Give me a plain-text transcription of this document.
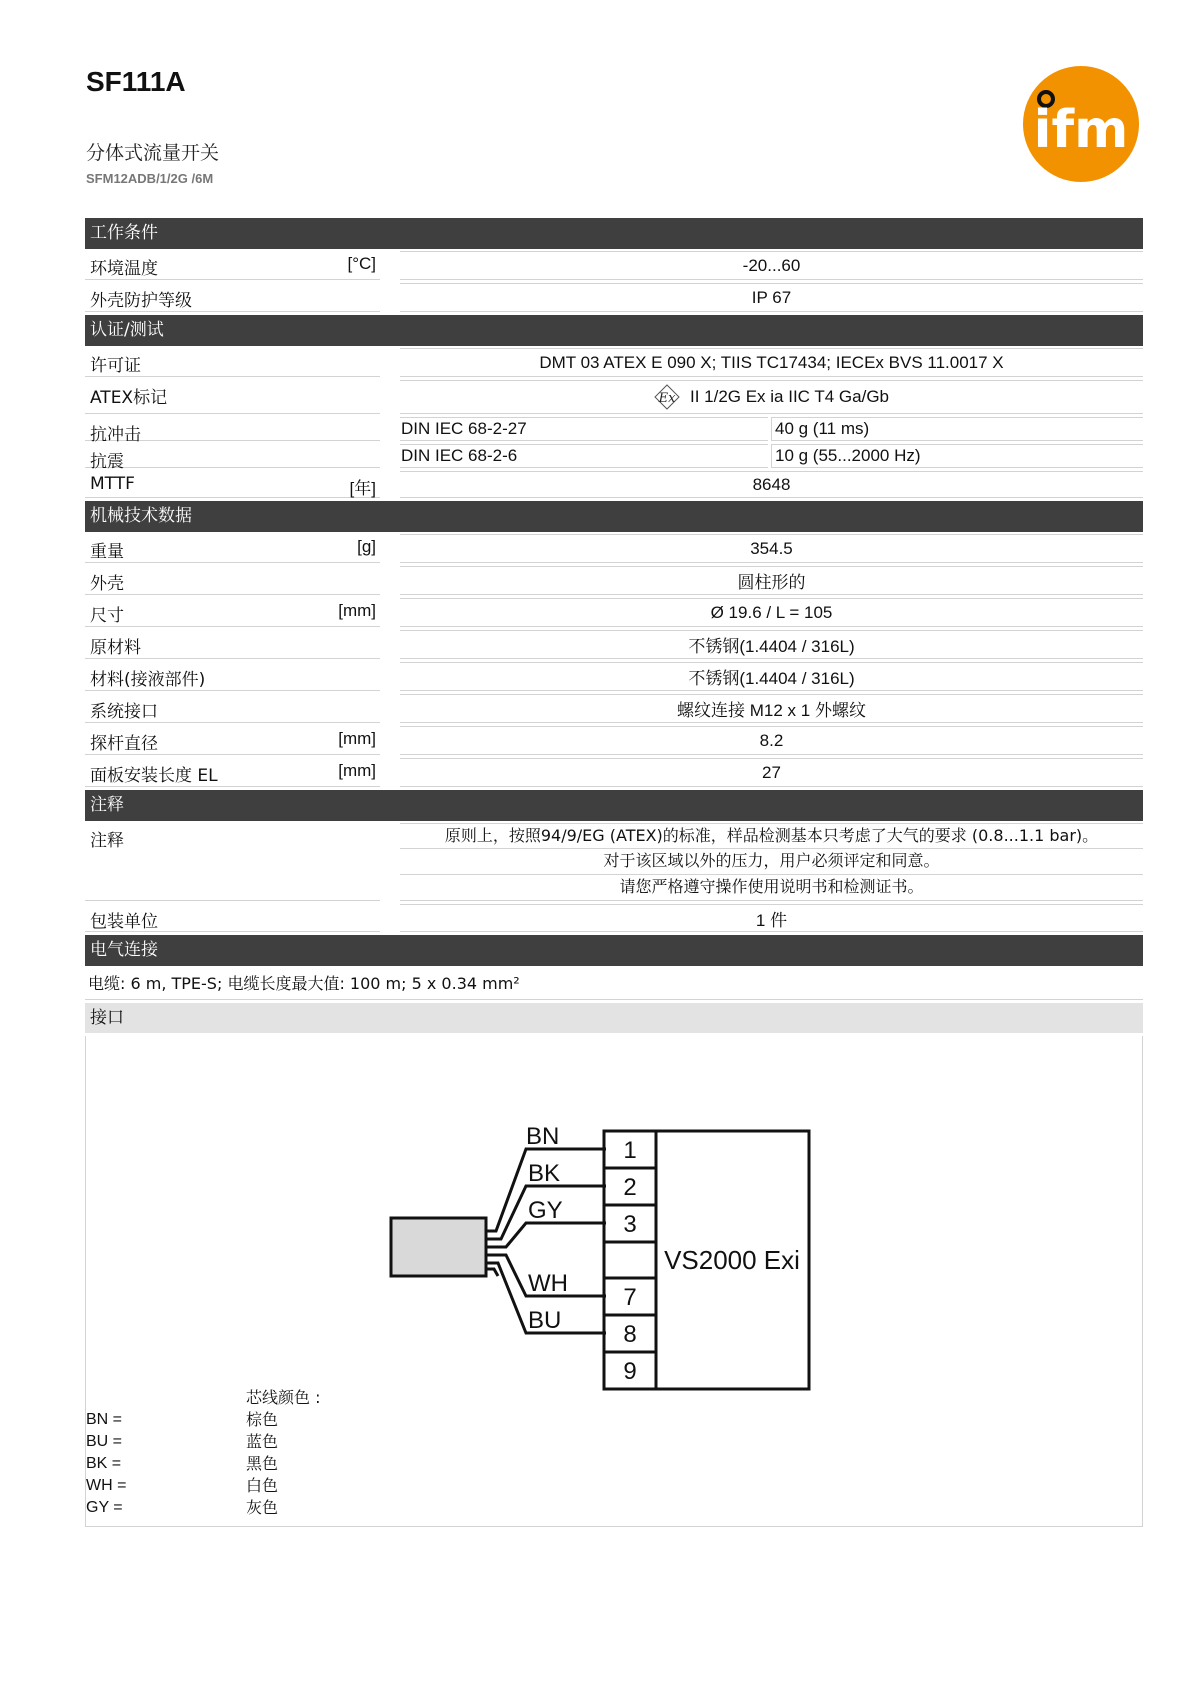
SF111A
分体式流量开关
SFM12ADB/1/2G /6M
ifm
工作条件
环境温度	[°C]	-20...60
外壳防护等级	IP 67
认证/测试
许可证	DMT 03 ATEX E 090 X; TIIS TC17434; IECEx BVS 11.0017 X
ATEX标记	Ex II 1/2G Ex ia IIC T4 Ga/Gb
抗冲击	DIN IEC 68-2-27	40 g (11 ms)
抗震	DIN IEC 68-2-6	10 g (55...2000 Hz)
MTTF	[年]	8648
机械技术数据
重量	[g]	354.5
外壳	圆柱形的
尺寸	[mm]	Ø 19.6 / L = 105
原材料	不锈钢(1.4404 / 316L)
材料(接液部件)	不锈钢(1.4404 / 316L)
系统接口	螺纹连接 M12 x 1 外螺纹
探杆直径	[mm]	8.2
面板安装长度 EL	[mm]	27
注释
注释	原则上，按照94/9/EG (ATEX)的标准，样品检测基本只考虑了大气的要求 (0.8...1.1 bar)。
对于该区域以外的压力，用户必须评定和同意。
请您严格遵守操作使用说明书和检测证书。
包装单位	1 件
电气连接
电缆: 6 m, TPE-S; 电缆长度最大值: 100 m; 5 x 0.34 mm²
接口
BN
BK
GY
WH
BU
1
2
3
7
8
9
VS2000 Exi
芯线颜色 :
BN =	棕色
BU =	蓝色
BK =	黑色
WH =	白色
GY =	灰色
